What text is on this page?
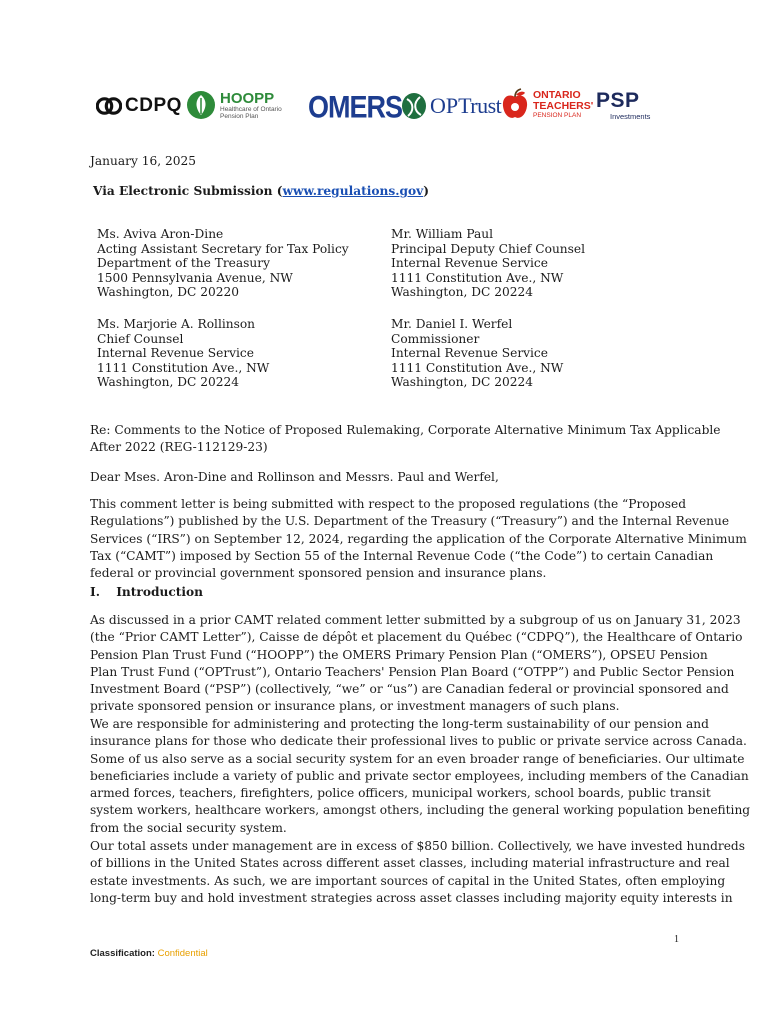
CDPQ	HOOPP
Healthcare of Ontario
Pension Plan	OMERS OP Trust	ONTARIO
TEACHERS'
PENSION PLAN
PSP
Investments
January 16, 2025
Via Electronic Submission (www.regulations.gov)
Ms. Aviva Aron-Dine
Acting Assistant Secretary for Tax Policy
Department of the Treasury
1500 Pennsylvania Avenue, NW
Washington, DC 20220
Mr. William Paul
Principal Deputy Chief Counsel
Internal Revenue Service
1111 Constitution Ave., NW
Washington, DC 20224
Ms. Marjorie A. Rollinson
Chief Counsel
Internal Revenue Service
1111 Constitution Ave., NW
Washington, DC 20224
Mr. Daniel I. Werfel
Commissioner
Internal Revenue Service
1111 Constitution Ave., NW
Washington, DC 20224
Re: Comments to the Notice of Proposed Rulemaking, Corporate Alternative Minimum Tax Applicable
After 2022 (REG-112129-23)
Dear Mses. Aron-Dine and Rollinson and Messrs. Paul and Werfel,
This comment letter is being submitted with respect to the proposed regulations (the “Proposed
Regulations”) published by the U.S. Department of the Treasury (“Treasury”) and the Internal Revenue
Services (“IRS”) on September 12, 2024, regarding the application of the Corporate Alternative Minimum
Tax (“CAMT”) imposed by Section 55 of the Internal Revenue Code (“the Code”) to certain Canadian
federal or provincial government sponsored pension and insurance plans.
I. Introduction
As discussed in a prior CAMT related comment letter submitted by a subgroup of us on January 31, 2023
(the “Prior CAMT Letter”), Caisse de dépôt et placement du Québec (“CDPQ”), the Healthcare of Ontario
Pension Plan Trust Fund (“HOOPP”) the OMERS Primary Pension Plan (“OMERS”), OPSEU Pension
Plan Trust Fund (“OPTrust”), Ontario Teachers' Pension Plan Board (“OTPP”) and Public Sector Pension
Investment Board (“PSP”) (collectively, “we” or “us”) are Canadian federal or provincial sponsored and
private sponsored pension or insurance plans, or investment managers of such plans.
We are responsible for administering and protecting the long-term sustainability of our pension and
insurance plans for those who dedicate their professional lives to public or private service across Canada.
Some of us also serve as a social security system for an even broader range of beneficiaries. Our ultimate
beneficiaries include a variety of public and private sector employees, including members of the Canadian
armed forces, teachers, firefighters, police officers, municipal workers, school boards, public transit
system workers, healthcare workers, amongst others, including the general working population benefiting
from the social security system.
Our total assets under management are in excess of $850 billion. Collectively, we have invested hundreds
of billions in the United States across different asset classes, including material infrastructure and real
estate investments. As such, we are important sources of capital in the United States, often employing
long-term buy and hold investment strategies across asset classes including majority equity interests in
1
Classification: Confidential
